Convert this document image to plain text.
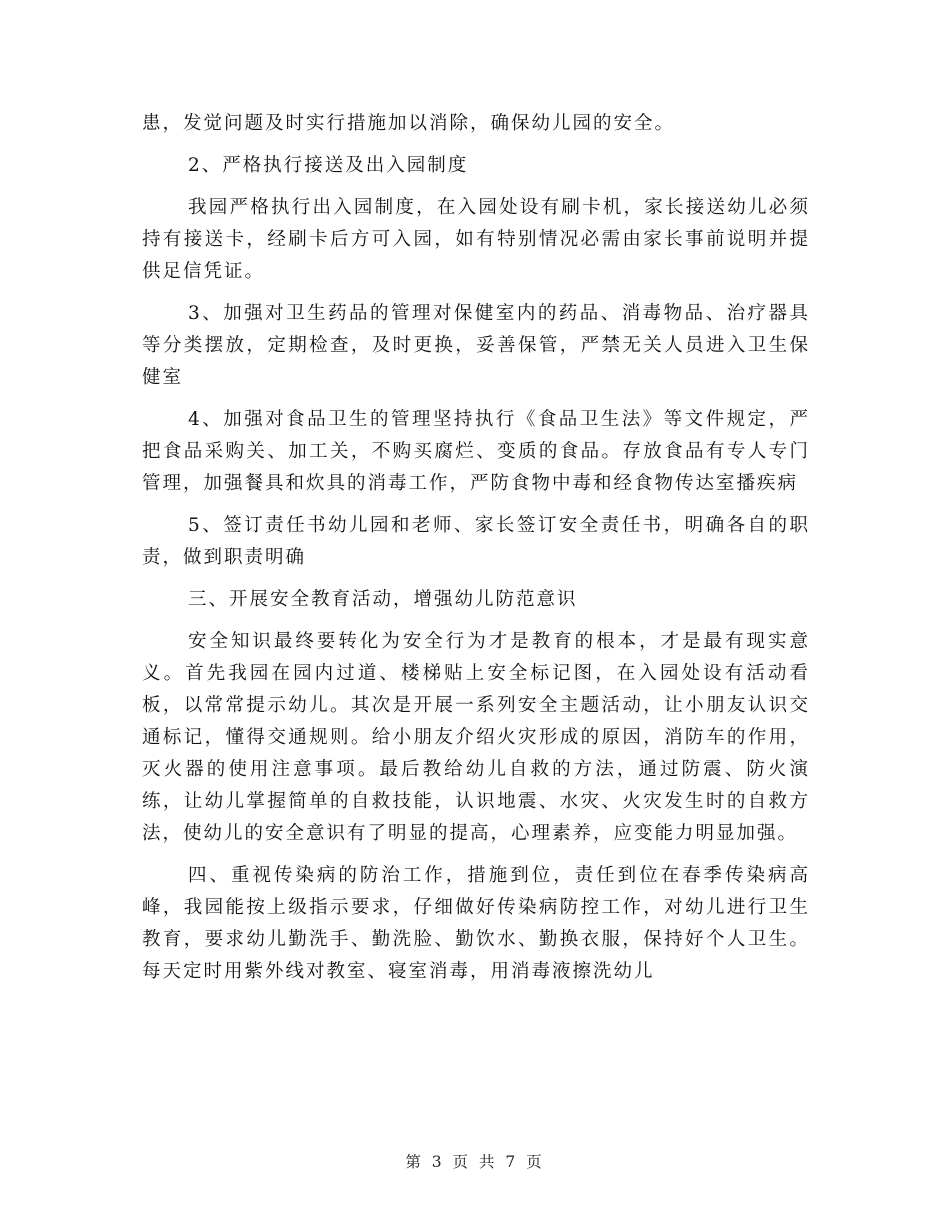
患，发觉问题及时实行措施加以消除，确保幼儿园的安全。

2、严格执行接送及出入园制度

我园严格执行出入园制度，在入园处设有刷卡机，家长接送幼儿必须持有接送卡，经刷卡后方可入园，如有特别情况必需由家长事前说明并提供足信凭证。

3、加强对卫生药品的管理对保健室内的药品、消毒物品、治疗器具等分类摆放，定期检查，及时更换，妥善保管，严禁无关人员进入卫生保健室

4、加强对食品卫生的管理坚持执行《食品卫生法》等文件规定，严把食品采购关、加工关，不购买腐烂、变质的食品。存放食品有专人专门管理，加强餐具和炊具的消毒工作，严防食物中毒和经食物传达室播疾病

5、签订责任书幼儿园和老师、家长签订安全责任书，明确各自的职责，做到职责明确

三、开展安全教育活动，增强幼儿防范意识

安全知识最终要转化为安全行为才是教育的根本，才是最有现实意义。首先我园在园内过道、楼梯贴上安全标记图，在入园处设有活动看板，以常常提示幼儿。其次是开展一系列安全主题活动，让小朋友认识交通标记，懂得交通规则。给小朋友介绍火灾形成的原因，消防车的作用，灭火器的使用注意事项。最后教给幼儿自救的方法，通过防震、防火演练，让幼儿掌握简单的自救技能，认识地震、水灾、火灾发生时的自救方法，使幼儿的安全意识有了明显的提高，心理素养，应变能力明显加强。

四、重视传染病的防治工作，措施到位，责任到位在春季传染病高峰，我园能按上级指示要求，仔细做好传染病防控工作，对幼儿进行卫生教育，要求幼儿勤洗手、勤洗脸、勤饮水、勤换衣服，保持好个人卫生。每天定时用紫外线对教室、寝室消毒，用消毒液擦洗幼儿

第 3 页 共 7 页
